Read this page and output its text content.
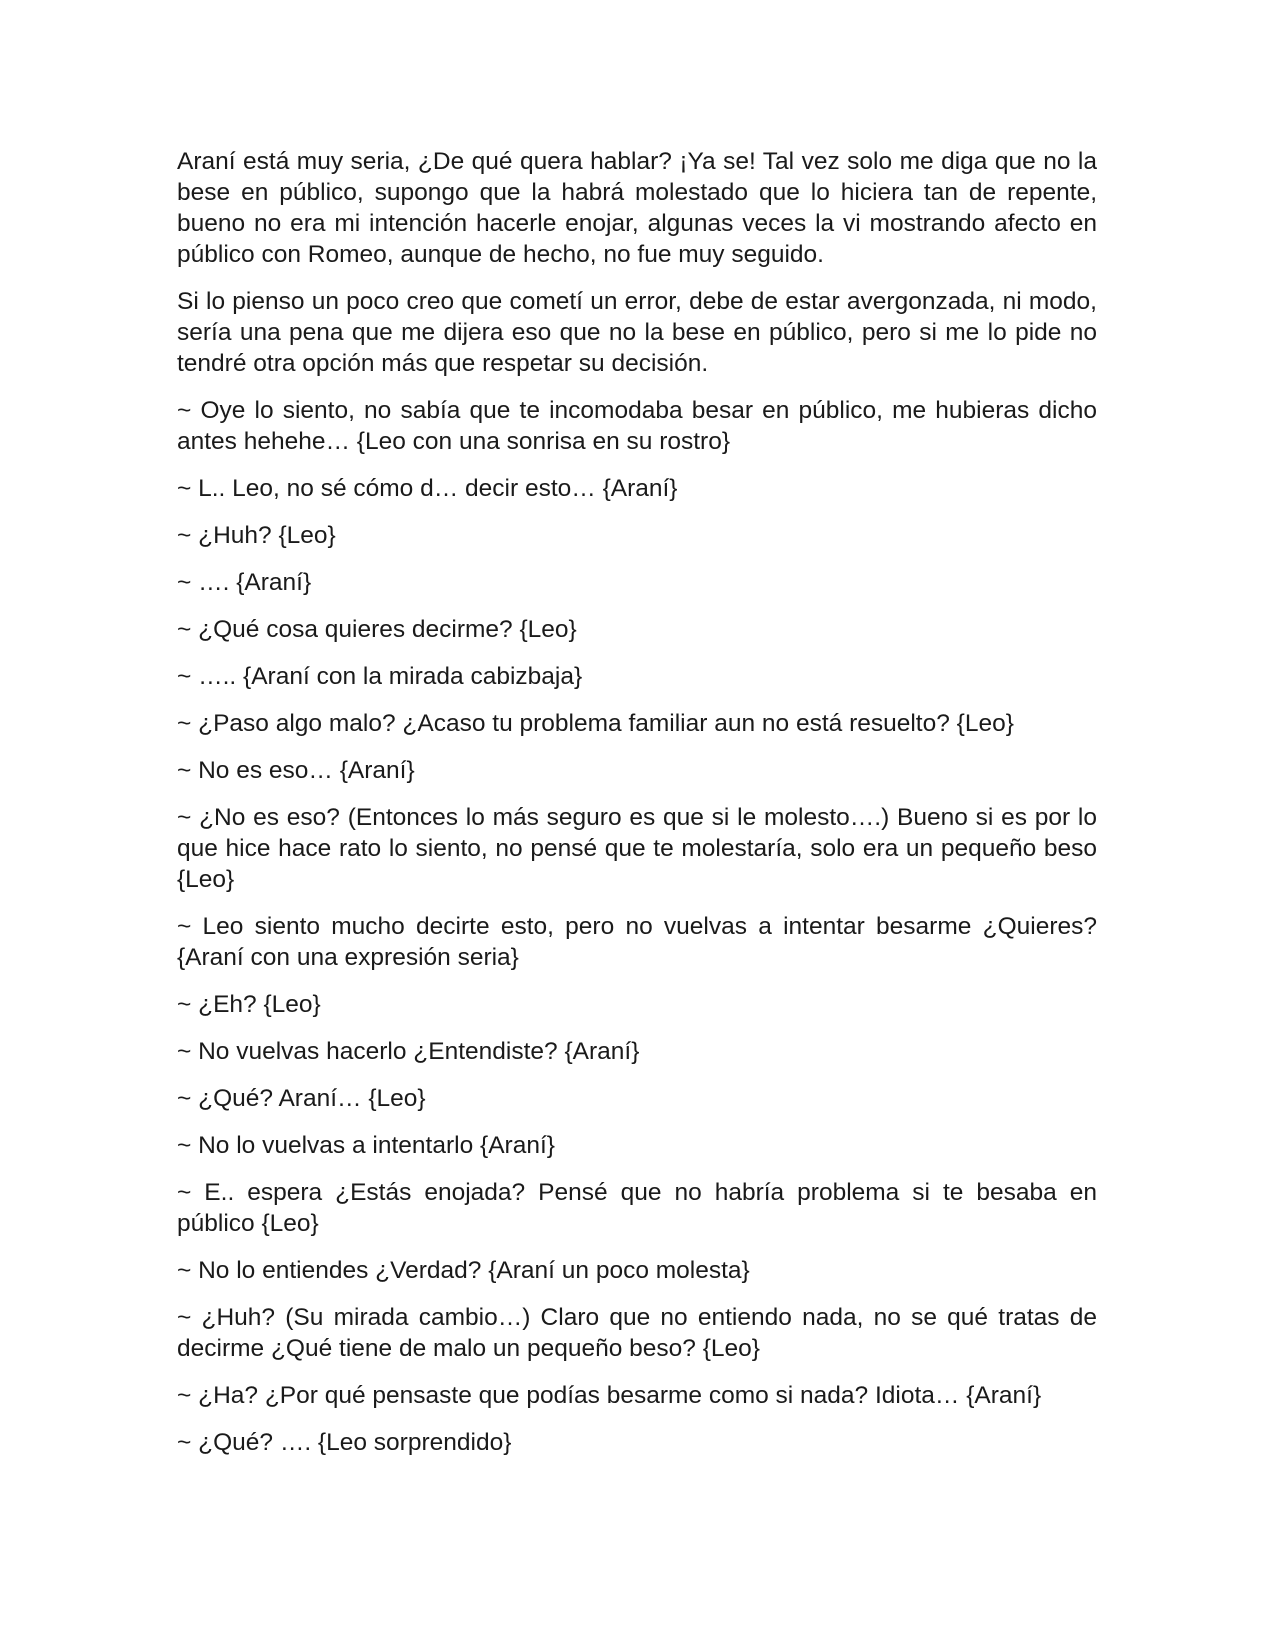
Araní está muy seria, ¿De qué quera hablar? ¡Ya se! Tal vez solo me diga que no la bese en público, supongo que la habrá molestado que lo hiciera tan de repente, bueno no era mi intención hacerle enojar, algunas veces la vi mostrando afecto en público con Romeo, aunque de hecho, no fue muy seguido.

Si lo pienso un poco creo que cometí un error, debe de estar avergonzada, ni modo, sería una pena que me dijera eso que no la bese en público, pero si me lo pide no tendré otra opción más que respetar su decisión.

~ Oye lo siento, no sabía que te incomodaba besar en público, me hubieras dicho antes hehehe… {Leo con una sonrisa en su rostro}

~ L.. Leo, no sé cómo d… decir esto… {Araní}

~ ¿Huh? {Leo}

~ …. {Araní}

~ ¿Qué cosa quieres decirme? {Leo}

~ ….. {Araní con la mirada cabizbaja}

~ ¿Paso algo malo? ¿Acaso tu problema familiar aun no está resuelto? {Leo}

~ No es eso… {Araní}

~ ¿No es eso? (Entonces lo más seguro es que si le molesto….) Bueno si es por lo que hice hace rato lo siento, no pensé que te molestaría, solo era un pequeño beso {Leo}

~ Leo siento mucho decirte esto, pero no vuelvas a intentar besarme ¿Quieres? {Araní con una expresión seria}

~ ¿Eh? {Leo}

~ No vuelvas hacerlo ¿Entendiste? {Araní}

~ ¿Qué? Araní… {Leo}

~ No lo vuelvas a intentarlo {Araní}

~ E.. espera ¿Estás enojada? Pensé que no habría problema si te besaba en público {Leo}

~ No lo entiendes ¿Verdad? {Araní un poco molesta}

~ ¿Huh? (Su mirada cambio…) Claro que no entiendo nada, no se qué tratas de decirme ¿Qué tiene de malo un pequeño beso? {Leo}

~ ¿Ha? ¿Por qué pensaste que podías besarme como si nada? Idiota… {Araní}

~ ¿Qué? …. {Leo sorprendido}
